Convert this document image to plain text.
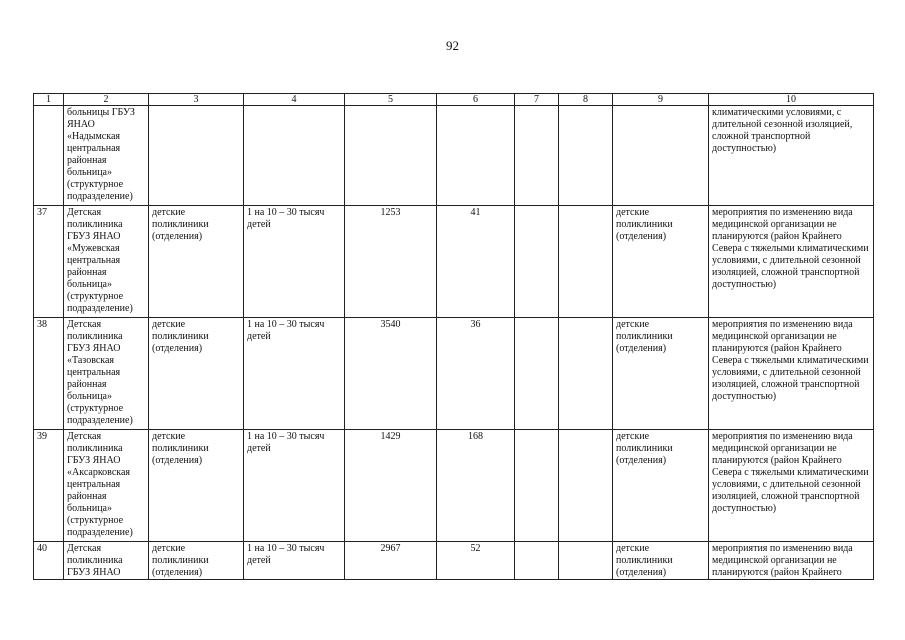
92
1	2	3	4	5	6	7	8	9	10
	больницы ГБУЗ ЯНАО «Надымская центральная районная больница» (структурное подразделение)								климатическими условиями, с длительной сезонной изоляцией, сложной транспортной доступностью)
37	Детская поликлиника ГБУЗ ЯНАО «Мужевская центральная районная больница» (структурное подразделение)	детские поликлиники (отделения)	1 на 10 – 30 тысяч детей	1253	41			детские поликлиники (отделения)	мероприятия по изменению вида медицинской организации не планируются (район Крайнего Севера с тяжелыми климатическими условиями, с длительной сезонной изоляцией, сложной транспортной доступностью)
38	Детская поликлиника ГБУЗ ЯНАО «Тазовская центральная районная больница» (структурное подразделение)	детские поликлиники (отделения)	1 на 10 – 30 тысяч детей	3540	36			детские поликлиники (отделения)	мероприятия по изменению вида медицинской организации не планируются (район Крайнего Севера с тяжелыми климатическими условиями, с длительной сезонной изоляцией, сложной транспортной доступностью)
39	Детская поликлиника ГБУЗ ЯНАО «Аксарковская центральная районная больница» (структурное подразделение)	детские поликлиники (отделения)	1 на 10 – 30 тысяч детей	1429	168			детские поликлиники (отделения)	мероприятия по изменению вида медицинской организации не планируются (район Крайнего Севера с тяжелыми климатическими условиями, с длительной сезонной изоляцией, сложной транспортной доступностью)

40	Детская поликлиника ГБУЗ ЯНАО	детские поликлиники (отделения)	1 на 10 – 30 тысяч детей	2967	52			детские поликлиники (отделения)	мероприятия по изменению вида медицинской организации не планируются (район Крайнего
